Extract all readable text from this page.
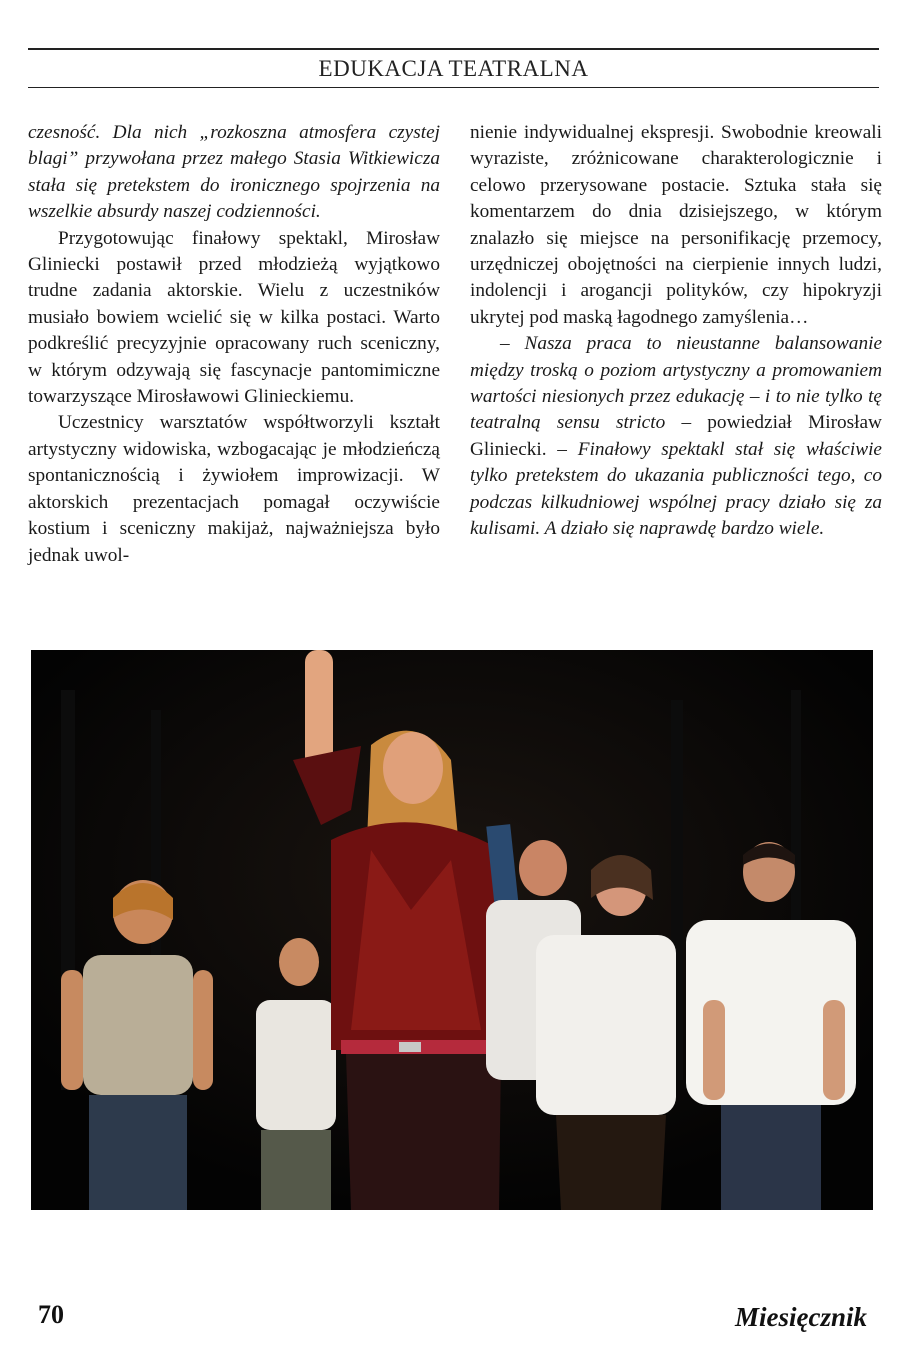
EDUKACJA TEATRALNA

czesność. Dla nich „rozkoszna atmosfera czystej blagi” przywołana przez małego Stasia Witkiewicza stała się pretekstem do ironicznego spojrzenia na wszelkie absurdy naszej codzienności.

Przygotowując finałowy spektakl, Mirosław Gliniecki postawił przed młodzieżą wyjątkowo trudne zadania aktorskie. Wielu z uczestników musiało bowiem wcielić się w kilka postaci. Warto podkreślić precyzyjnie opracowany ruch sceniczny, w którym odzywają się fascynacje pantomimiczne towarzyszące Mirosławowi Glinieckiemu.

Uczestnicy warsztatów współtworzyli kształt artystyczny widowiska, wzbogacając je młodzieńczą spontanicznością i żywiołem improwizacji. W aktorskich prezentacjach pomagał oczywiście kostium i sceniczny makijaż, najważniejsza było jednak uwol-

nienie indywidualnej ekspresji. Swobodnie kreowali wyraziste, zróżnicowane charakterologicznie i celowo przerysowane postacie. Sztuka stała się komentarzem do dnia dzisiejszego, w którym znalazło się miejsce na personifikację przemocy, urzędniczej obojętności na cierpienie innych ludzi, indolencji i arogancji polityków, czy hipokryzji ukrytej pod maską łagodnego zamyślenia…

– Nasza praca to nieustanne balansowanie między troską o poziom artystyczny a promowaniem wartości niesionych przez edukację – i to nie tylko tę teatralną sensu stricto – powiedział Mirosław Gliniecki. – Finałowy spektakl stał się właściwie tylko pretekstem do ukazania publiczności tego, co podczas kilkudniowej wspólnej pracy działo się za kulisami. A działo się naprawdę bardzo wiele.

70	Miesięcznik
